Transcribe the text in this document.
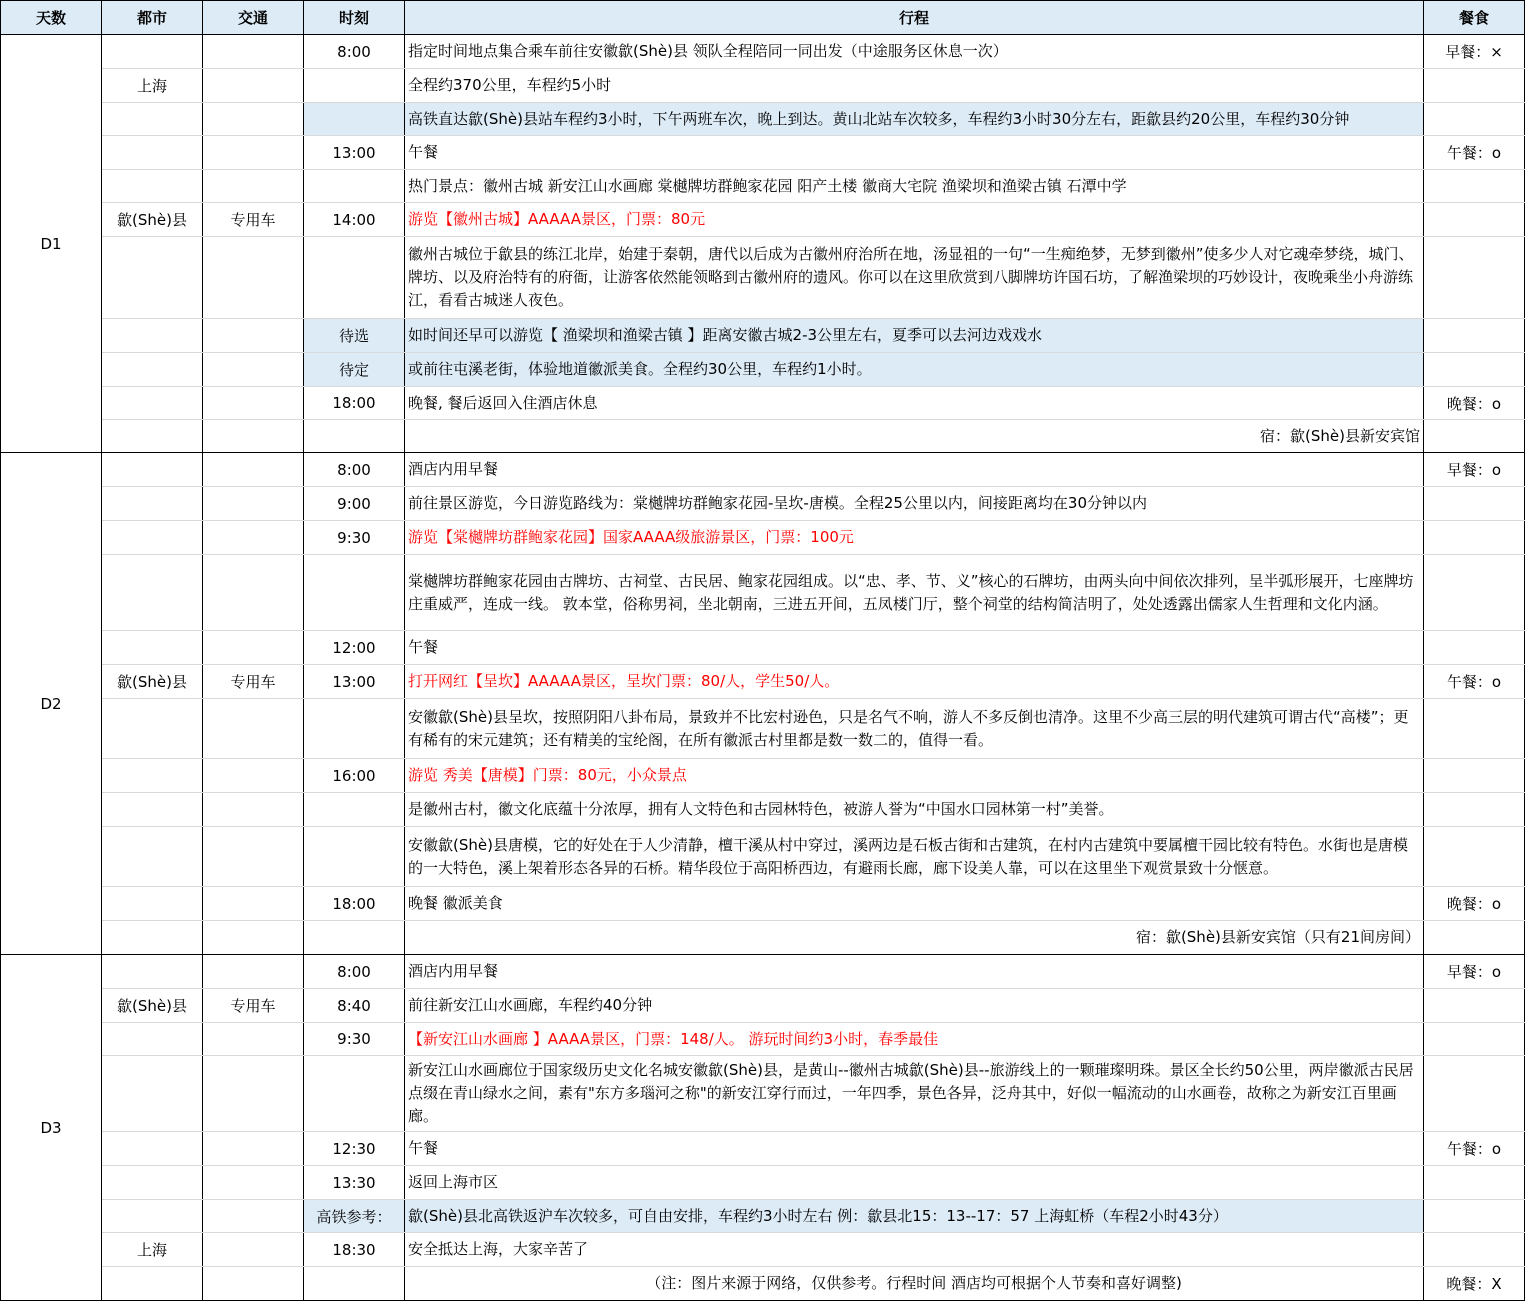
天数	都市	交通	时刻	行程	餐食
D1			8:00	指定时间地点集合乘车前往安徽歙(Shè)县 领队全程陪同一同出发（中途服务区休息一次）	早餐：×
	上海			全程约370公里，车程约5小时	
				高铁直达歙(Shè)县站车程约3小时，下午两班车次，晚上到达。黄山北站车次较多，车程约3小时30分左右，距歙县约20公里，车程约30分钟	
			13:00	午餐	午餐：o
				热门景点：徽州古城 新安江山水画廊 棠樾牌坊群鲍家花园 阳产土楼 徽商大宅院 渔梁坝和渔梁古镇 石潭中学	
	歙(Shè)县	专用车	14:00	游览【徽州古城】AAAAA景区，门票：80元	
				徽州古城位于歙县的练江北岸，始建于秦朝，唐代以后成为古徽州府治所在地，汤显祖的一句“一生痴绝梦，无梦到徽州”使多少人对它魂牵梦绕，城门、牌坊、以及府治特有的府衙，让游客依然能领略到古徽州府的遗风。你可以在这里欣赏到八脚牌坊许国石坊，了解渔梁坝的巧妙设计，夜晚乘坐小舟游练江，看看古城迷人夜色。	
			待选	如时间还早可以游览【 渔梁坝和渔梁古镇 】距离安徽古城2-3公里左右，夏季可以去河边戏戏水	
			待定	或前往屯溪老街，体验地道徽派美食。全程约30公里，车程约1小时。	
			18:00	晚餐, 餐后返回入住酒店休息	晚餐：o
				宿：歙(Shè)县新安宾馆	
D2			8:00	酒店内用早餐	早餐：o
			9:00	前往景区游览，今日游览路线为：棠樾牌坊群鲍家花园-呈坎-唐模。全程25公里以内，间接距离均在30分钟以内	
			9:30	游览【棠樾牌坊群鲍家花园】国家AAAA级旅游景区，门票：100元	
				棠樾牌坊群鲍家花园由古牌坊、古祠堂、古民居、鲍家花园组成。以“忠、孝、节、义”核心的石牌坊，由两头向中间依次排列，呈半弧形展开，七座牌坊庄重威严，连成一线。 敦本堂，俗称男祠，坐北朝南，三进五开间，五凤楼门厅，整个祠堂的结构简洁明了，处处透露出儒家人生哲理和文化内涵。	
			12:00	午餐	
	歙(Shè)县	专用车	13:00	打开网红【呈坎】AAAAA景区，呈坎门票：80/人，学生50/人。	午餐：o
				安徽歙(Shè)县呈坎，按照阴阳八卦布局，景致并不比宏村逊色，只是名气不响，游人不多反倒也清净。这里不少高三层的明代建筑可谓古代“高楼”；更有稀有的宋元建筑；还有精美的宝纶阁，在所有徽派古村里都是数一数二的，值得一看。	
			16:00	游览 秀美【唐模】门票：80元，小众景点	
				是徽州古村，徽文化底蕴十分浓厚，拥有人文特色和古园林特色，被游人誉为“中国水口园林第一村”美誉。	
				安徽歙(Shè)县唐模，它的好处在于人少清静，檀干溪从村中穿过，溪两边是石板古街和古建筑，在村内古建筑中要属檀干园比较有特色。水街也是唐模的一大特色，溪上架着形态各异的石桥。精华段位于高阳桥西边，有避雨长廊，廊下设美人靠，可以在这里坐下观赏景致十分惬意。	
			18:00	晚餐 徽派美食	晚餐：o
				宿：歙(Shè)县新安宾馆（只有21间房间）	
D3			8:00	酒店内用早餐	早餐：o
	歙(Shè)县	专用车	8:40	前往新安江山水画廊，车程约40分钟	
			9:30	【新安江山水画廊 】AAAA景区，门票：148/人。 游玩时间约3小时，春季最佳	
				新安江山水画廊位于国家级历史文化名城安徽歙(Shè)县，是黄山--徽州古城歙(Shè)县--旅游线上的一颗璀璨明珠。景区全长约50公里，两岸徽派古民居点缀在青山绿水之间，素有"东方多瑙河之称"的新安江穿行而过，一年四季，景色各异，泛舟其中，好似一幅流动的山水画卷，故称之为新安江百里画廊。	
			12:30	午餐	午餐：o
			13:30	返回上海市区	
			高铁参考：	歙(Shè)县北高铁返沪车次较多，可自由安排，车程约3小时左右 例：歙县北15：13--17：57 上海虹桥（车程2小时43分）	
	上海		18:30	安全抵达上海，大家辛苦了	
				（注：图片来源于网络，仅供参考。行程时间 酒店均可根据个人节奏和喜好调整)	晚餐：X
